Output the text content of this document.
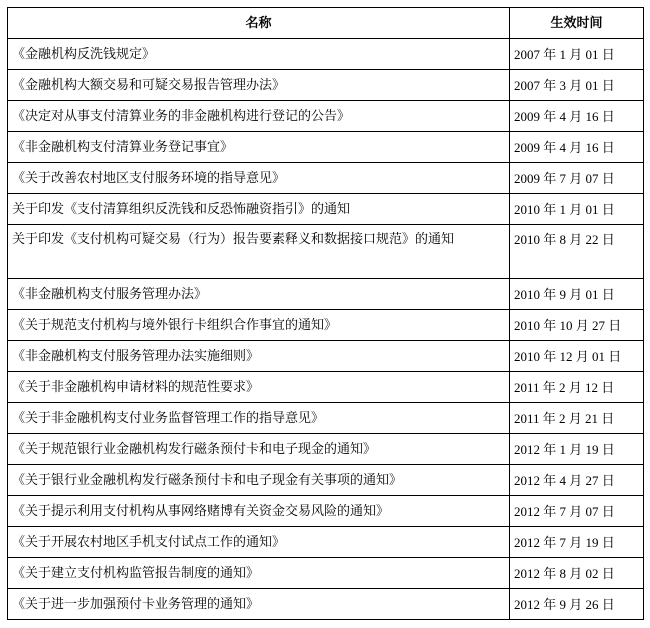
名称	生效时间
《金融机构反洗钱规定》	2007 年 1 月 01 日
《金融机构大额交易和可疑交易报告管理办法》	2007 年 3 月 01 日
《决定对从事支付清算业务的非金融机构进行登记的公告》	2009 年 4 月 16 日
《非金融机构支付清算业务登记事宜》	2009 年 4 月 16 日
《关于改善农村地区支付服务环境的指导意见》	2009 年 7 月 07 日
关于印发《支付清算组织反洗钱和反恐怖融资指引》的通知	2010 年 1 月 01 日
关于印发《支付机构可疑交易（行为）报告要素释义和数据接口规范》的通知	2010 年 8 月 22 日
《非金融机构支付服务管理办法》	2010 年 9 月 01 日
《关于规范支付机构与境外银行卡组织合作事宜的通知》	2010 年 10 月 27 日
《非金融机构支付服务管理办法实施细则》	2010 年 12 月 01 日
《关于非金融机构申请材料的规范性要求》	2011 年 2 月 12 日
《关于非金融机构支付业务监督管理工作的指导意见》	2011 年 2 月 21 日
《关于规范银行业金融机构发行磁条预付卡和电子现金的通知》	2012 年 1 月 19 日
《关于银行业金融机构发行磁条预付卡和电子现金有关事项的通知》	2012 年 4 月 27 日
《关于提示利用支付机构从事网络赌博有关资金交易风险的通知》	2012 年 7 月 07 日
《关于开展农村地区手机支付试点工作的通知》	2012 年 7 月 19 日
《关于建立支付机构监管报告制度的通知》	2012 年 8 月 02 日
《关于进一步加强预付卡业务管理的通知》	2012 年 9 月 26 日
